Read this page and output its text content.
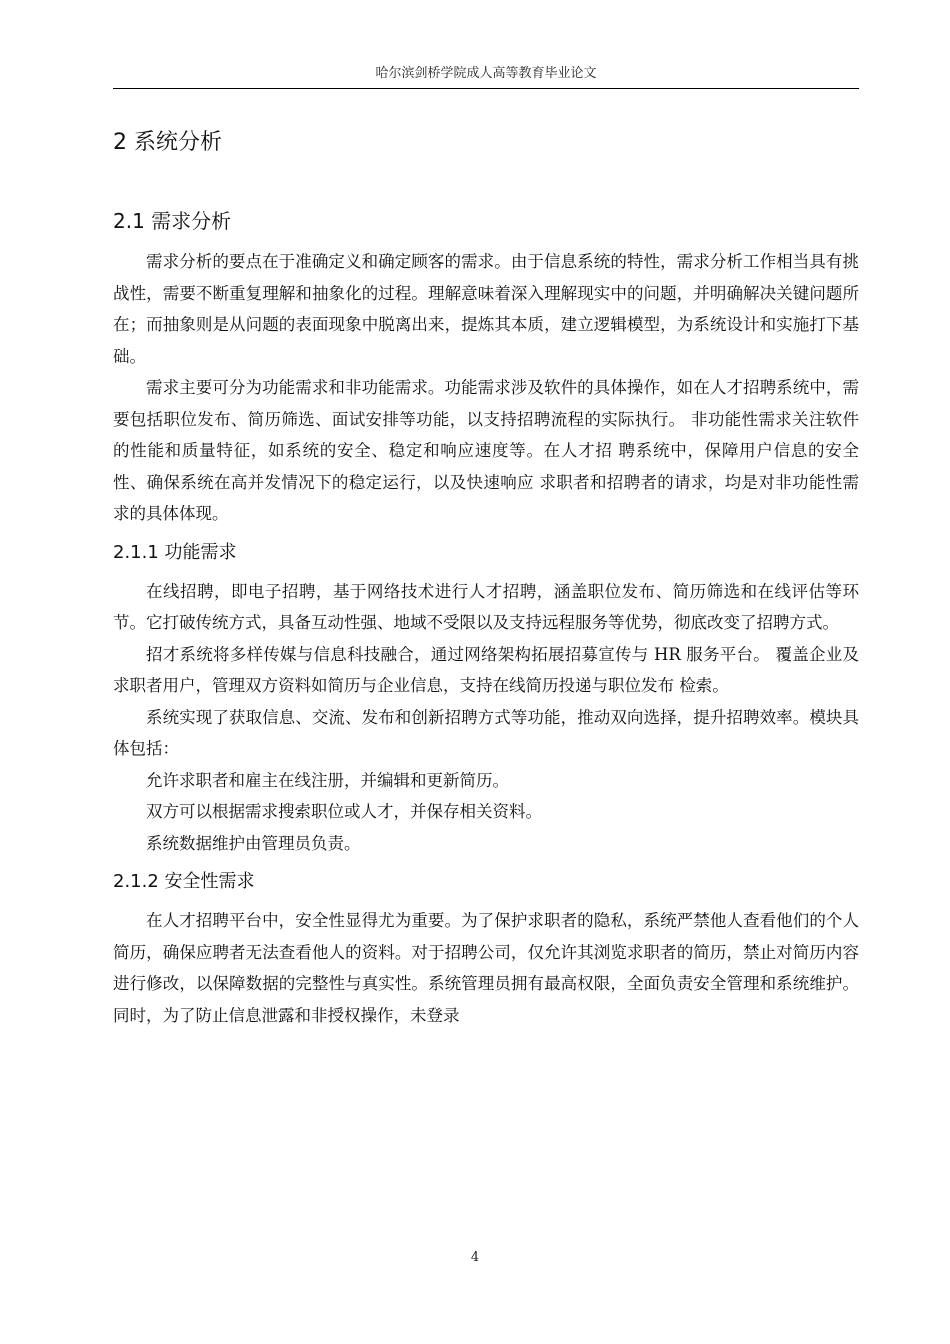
哈尔滨剑桥学院成人高等教育毕业论文
2 系统分析
2.1 需求分析

需求分析的要点在于准确定义和确定顾客的需求。由于信息系统的特性，需求分析工作相当具有挑战性，需要不断重复理解和抽象化的过程。理解意味着深入理解现实中的问题，并明确解决关键问题所在；而抽象则是从问题的表面现象中脱离出来，提炼其本质，建立逻辑模型，为系统设计和实施打下基础。

需求主要可分为功能需求和非功能需求。功能需求涉及软件的具体操作，如在人才招聘系统中，需要包括职位发布、简历筛选、面试安排等功能，以支持招聘流程的实际执行。 非功能性需求关注软件的性能和质量特征，如系统的安全、稳定和响应速度等。在人才招 聘系统中，保障用户信息的安全性、确保系统在高并发情况下的稳定运行，以及快速响应 求职者和招聘者的请求，均是对非功能性需求的具体体现。

2.1.1 功能需求

在线招聘，即电子招聘，基于网络技术进行人才招聘，涵盖职位发布、简历筛选和在线评估等环节。它打破传统方式，具备互动性强、地域不受限以及支持远程服务等优势，彻底改变了招聘方式。

招才系统将多样传媒与信息科技融合，通过网络架构拓展招募宣传与 HR 服务平台。 覆盖企业及求职者用户，管理双方资料如简历与企业信息，支持在线简历投递与职位发布 检索。

系统实现了获取信息、交流、发布和创新招聘方式等功能，推动双向选择，提升招聘效率。模块具体包括：

允许求职者和雇主在线注册，并编辑和更新简历。

双方可以根据需求搜索职位或人才，并保存相关资料。

系统数据维护由管理员负责。

2.1.2 安全性需求

在人才招聘平台中，安全性显得尤为重要。为了保护求职者的隐私，系统严禁他人查看他们的个人简历，确保应聘者无法查看他人的资料。对于招聘公司，仅允许其浏览求职者的简历，禁止对简历内容进行修改，以保障数据的完整性与真实性。系统管理员拥有最高权限，全面负责安全管理和系统维护。同时，为了防止信息泄露和非授权操作，未登录

4
